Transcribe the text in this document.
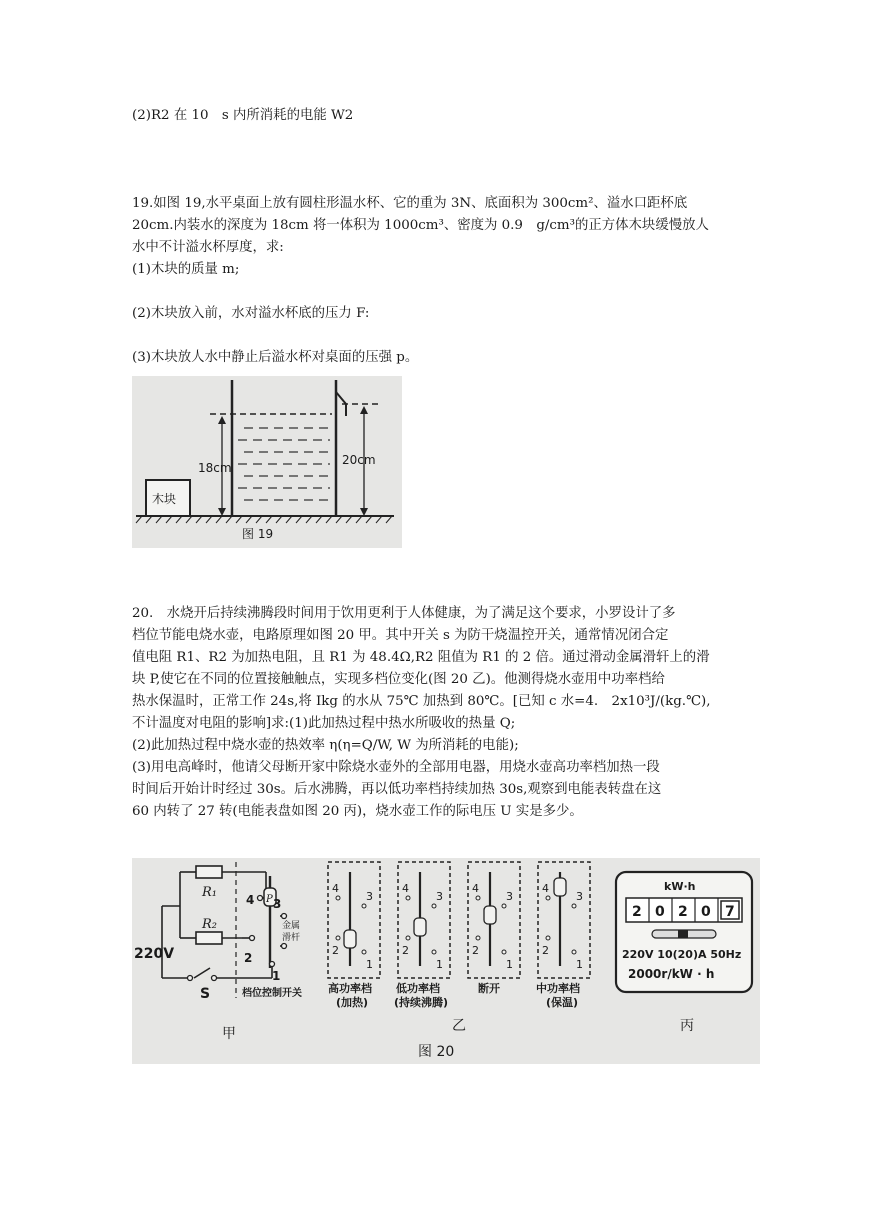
(2)R2 在 10　s 内所消耗的电能 W2
19.如图 19,水平桌面上放有圆柱形温水杯、它的重为 3N、底面积为 300cm²、溢水口距杯底
20cm.内装水的深度为 18cm 将一体积为 1000cm³、密度为 0.9　g/cm³的正方体木块缓慢放人
水中不计溢水杯厚度，求:
(1)木块的质量 m;
(2)木块放入前，水对溢水杯底的压力 F:
(3)木块放人水中静止后溢水杯对桌面的压强 p。
18cm
20cm
木块
图 19
20.　水烧开后持续沸腾段时间用于饮用更利于人体健康，为了满足这个要求，小罗设计了多
档位节能电烧水壶，电路原理如图 20 甲。其中开关 s 为防干烧温控开关，通常情况闭合定
值电阻 R1、R2 为加热电阻，且 R1 为 48.4Ω,R2 阻值为 R1 的 2 倍。通过滑动金属滑轩上的滑
块 P,使它在不同的位置接触触点，实现多档位变化(图 20 乙)。他测得烧水壶用中功率档给
热水保温时，正常工作 24s,将 Ikg 的水从 75℃ 加热到 80℃。[已知 c 水=4.　2x10³J/(kg.℃),
不计温度对电阻的影响]求:(1)此加热过程中热水所吸收的热量 Q;
(2)此加热过程中烧水壶的热效率 η(η=Q/W, W 为所消耗的电能);
(3)用电高峰时，他请父母断开家中除烧水壶外的全部用电器，用烧水壶高功率档加热一段
时间后开始计时经过 30s。后水沸腾，再以低功率档持续加热 30s,观察到电能表转盘在这
60 内转了 27 转(电能表盘如图 20 丙)，烧水壶工作的际电压 U 实是多少。
P
R₁
R₂
220V
S
4 3
2
1
金属
滑杆
档位控制开关
4
3
2
1
4
3
2
1
4
3
2
1
4
3
2
1
高功率档
(加热)
低功率档
(持续沸腾)
断开	中功率档
(保温)
kW·h
2 0 2 0 7
220V 10(20)A 50Hz
2000r/kW · h
甲	乙	丙
图 20
